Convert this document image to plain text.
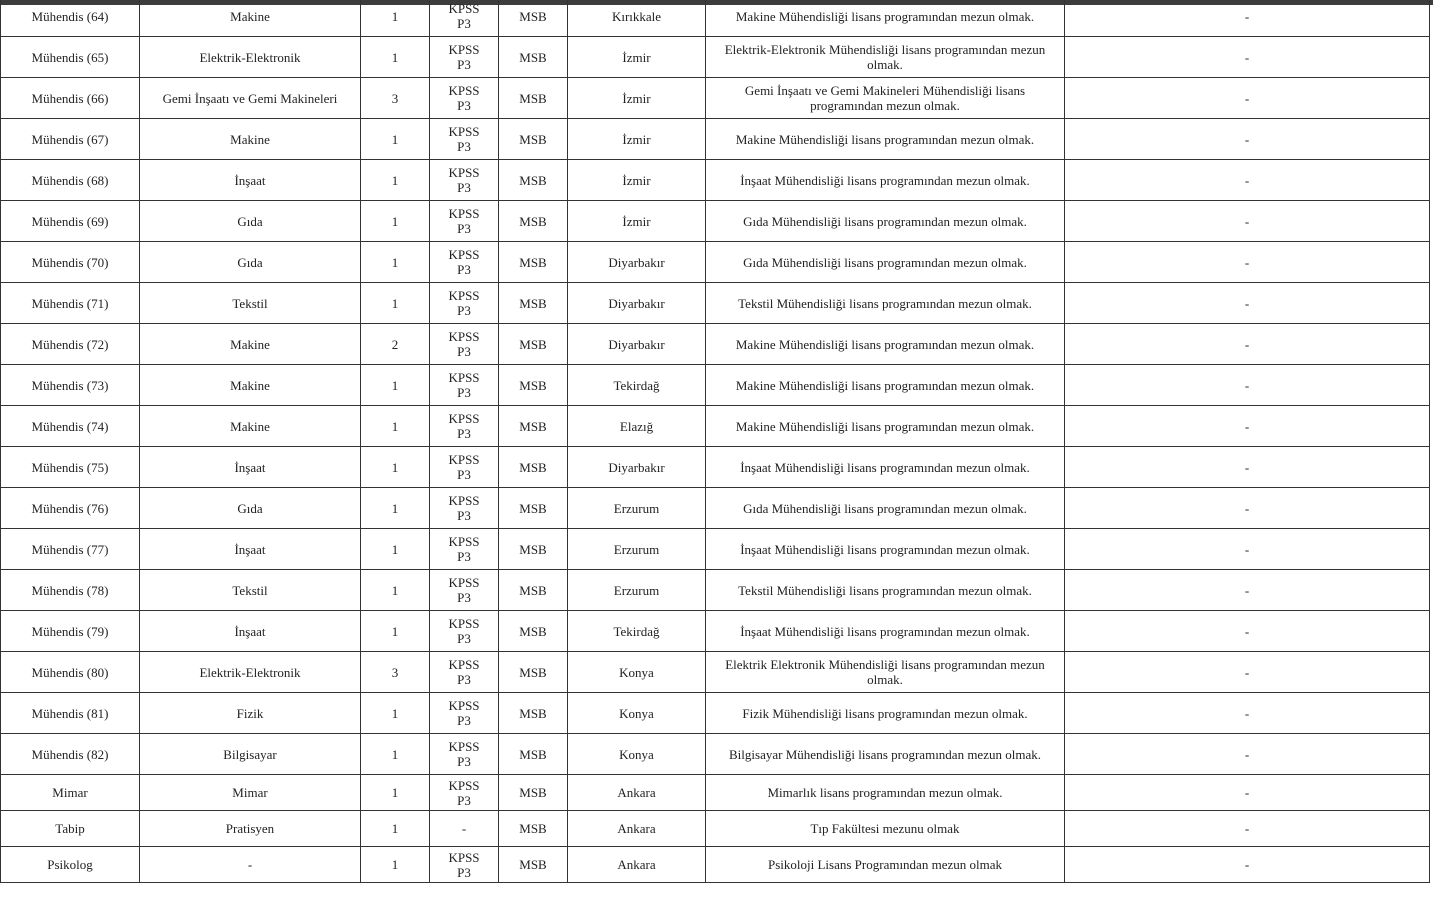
Mühendis (64)	Makine	1	KPSS P3	MSB	Kırıkkale	Makine Mühendisliği lisans programından mezun olmak.	-
Mühendis (65)	Elektrik-Elektronik	1	KPSS P3	MSB	İzmir	Elektrik-Elektronik Mühendisliği lisans programından mezun olmak.	-
Mühendis (66)	Gemi İnşaatı ve Gemi Makineleri	3	KPSS P3	MSB	İzmir	Gemi İnşaatı ve Gemi Makineleri Mühendisliği lisans programından mezun olmak.	-
Mühendis (67)	Makine	1	KPSS P3	MSB	İzmir	Makine Mühendisliği lisans programından mezun olmak.	-
Mühendis (68)	İnşaat	1	KPSS P3	MSB	İzmir	İnşaat Mühendisliği lisans programından mezun olmak.	-
Mühendis (69)	Gıda	1	KPSS P3	MSB	İzmir	Gıda Mühendisliği lisans programından mezun olmak.	-
Mühendis (70)	Gıda	1	KPSS P3	MSB	Diyarbakır	Gıda Mühendisliği lisans programından mezun olmak.	-
Mühendis (71)	Tekstil	1	KPSS P3	MSB	Diyarbakır	Tekstil Mühendisliği lisans programından mezun olmak.	-
Mühendis (72)	Makine	2	KPSS P3	MSB	Diyarbakır	Makine Mühendisliği lisans programından mezun olmak.	-
Mühendis (73)	Makine	1	KPSS P3	MSB	Tekirdağ	Makine Mühendisliği lisans programından mezun olmak.	-
Mühendis (74)	Makine	1	KPSS P3	MSB	Elazığ	Makine Mühendisliği lisans programından mezun olmak.	-
Mühendis (75)	İnşaat	1	KPSS P3	MSB	Diyarbakır	İnşaat Mühendisliği lisans programından mezun olmak.	-
Mühendis (76)	Gıda	1	KPSS P3	MSB	Erzurum	Gıda Mühendisliği lisans programından mezun olmak.	-
Mühendis (77)	İnşaat	1	KPSS P3	MSB	Erzurum	İnşaat Mühendisliği lisans programından mezun olmak.	-
Mühendis (78)	Tekstil	1	KPSS P3	MSB	Erzurum	Tekstil Mühendisliği lisans programından mezun olmak.	-
Mühendis (79)	İnşaat	1	KPSS P3	MSB	Tekirdağ	İnşaat Mühendisliği lisans programından mezun olmak.	-
Mühendis (80)	Elektrik-Elektronik	3	KPSS P3	MSB	Konya	Elektrik Elektronik Mühendisliği lisans programından mezun olmak.	-
Mühendis (81)	Fizik	1	KPSS P3	MSB	Konya	Fizik Mühendisliği lisans programından mezun olmak.	-
Mühendis (82)	Bilgisayar	1	KPSS P3	MSB	Konya	Bilgisayar Mühendisliği lisans programından mezun olmak.	-
Mimar	Mimar	1	KPSS P3	MSB	Ankara	Mimarlık lisans programından mezun olmak.	-
Tabip	Pratisyen	1	-	MSB	Ankara	Tıp Fakültesi mezunu olmak	-
Psikolog	-	1	KPSS P3	MSB	Ankara	Psikoloji Lisans Programından mezun olmak	-
